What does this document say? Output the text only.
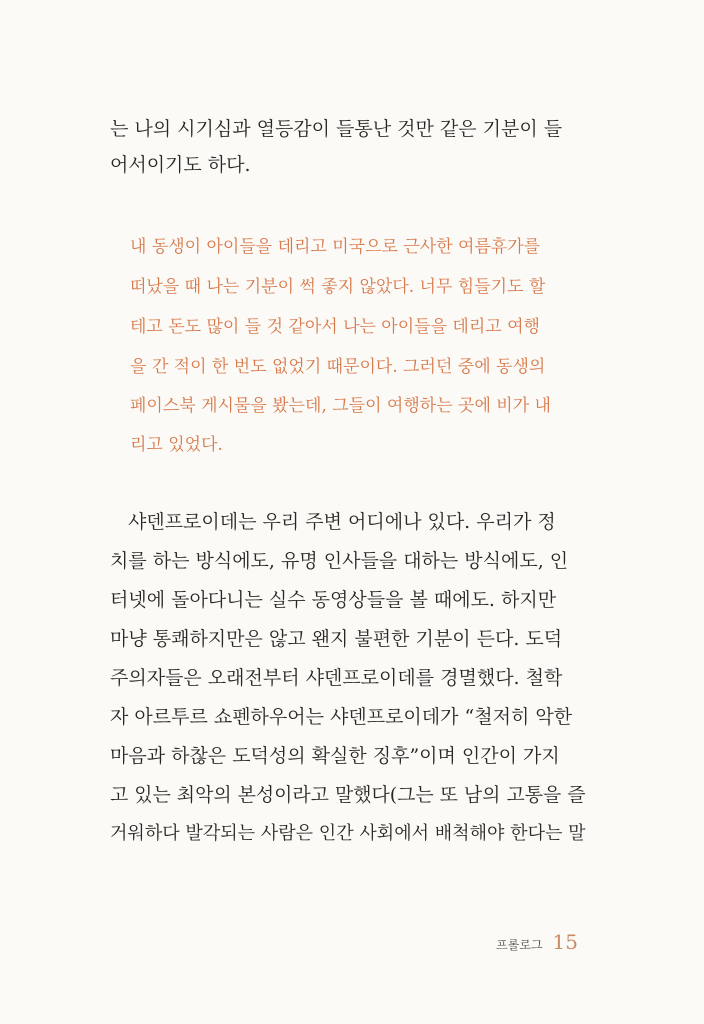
는 나의 시기심과 열등감이 들통난 것만 같은 기분이 들
어서이기도 하다.
내 동생이 아이들을 데리고 미국으로 근사한 여름휴가를
떠났을 때 나는 기분이 썩 좋지 않았다. 너무 힘들기도 할
테고 돈도 많이 들 것 같아서 나는 아이들을 데리고 여행
을 간 적이 한 번도 없었기 때문이다. 그러던 중에 동생의
페이스북 게시물을 봤는데, 그들이 여행하는 곳에 비가 내
리고 있었다.
샤덴프로이데는 우리 주변 어디에나 있다. 우리가 정
치를 하는 방식에도, 유명 인사들을 대하는 방식에도, 인
터넷에 돌아다니는 실수 동영상들을 볼 때에도. 하지만
마냥 통쾌하지만은 않고 왠지 불편한 기분이 든다. 도덕
주의자들은 오래전부터 샤덴프로이데를 경멸했다. 철학
자 아르투르 쇼펜하우어는 샤덴프로이데가 “철저히 악한
마음과 하찮은 도덕성의 확실한 징후”이며 인간이 가지
고 있는 최악의 본성이라고 말했다(그는 또 남의 고통을 즐
거워하다 발각되는 사람은 인간 사회에서 배척해야 한다는 말
프롤로그 15
